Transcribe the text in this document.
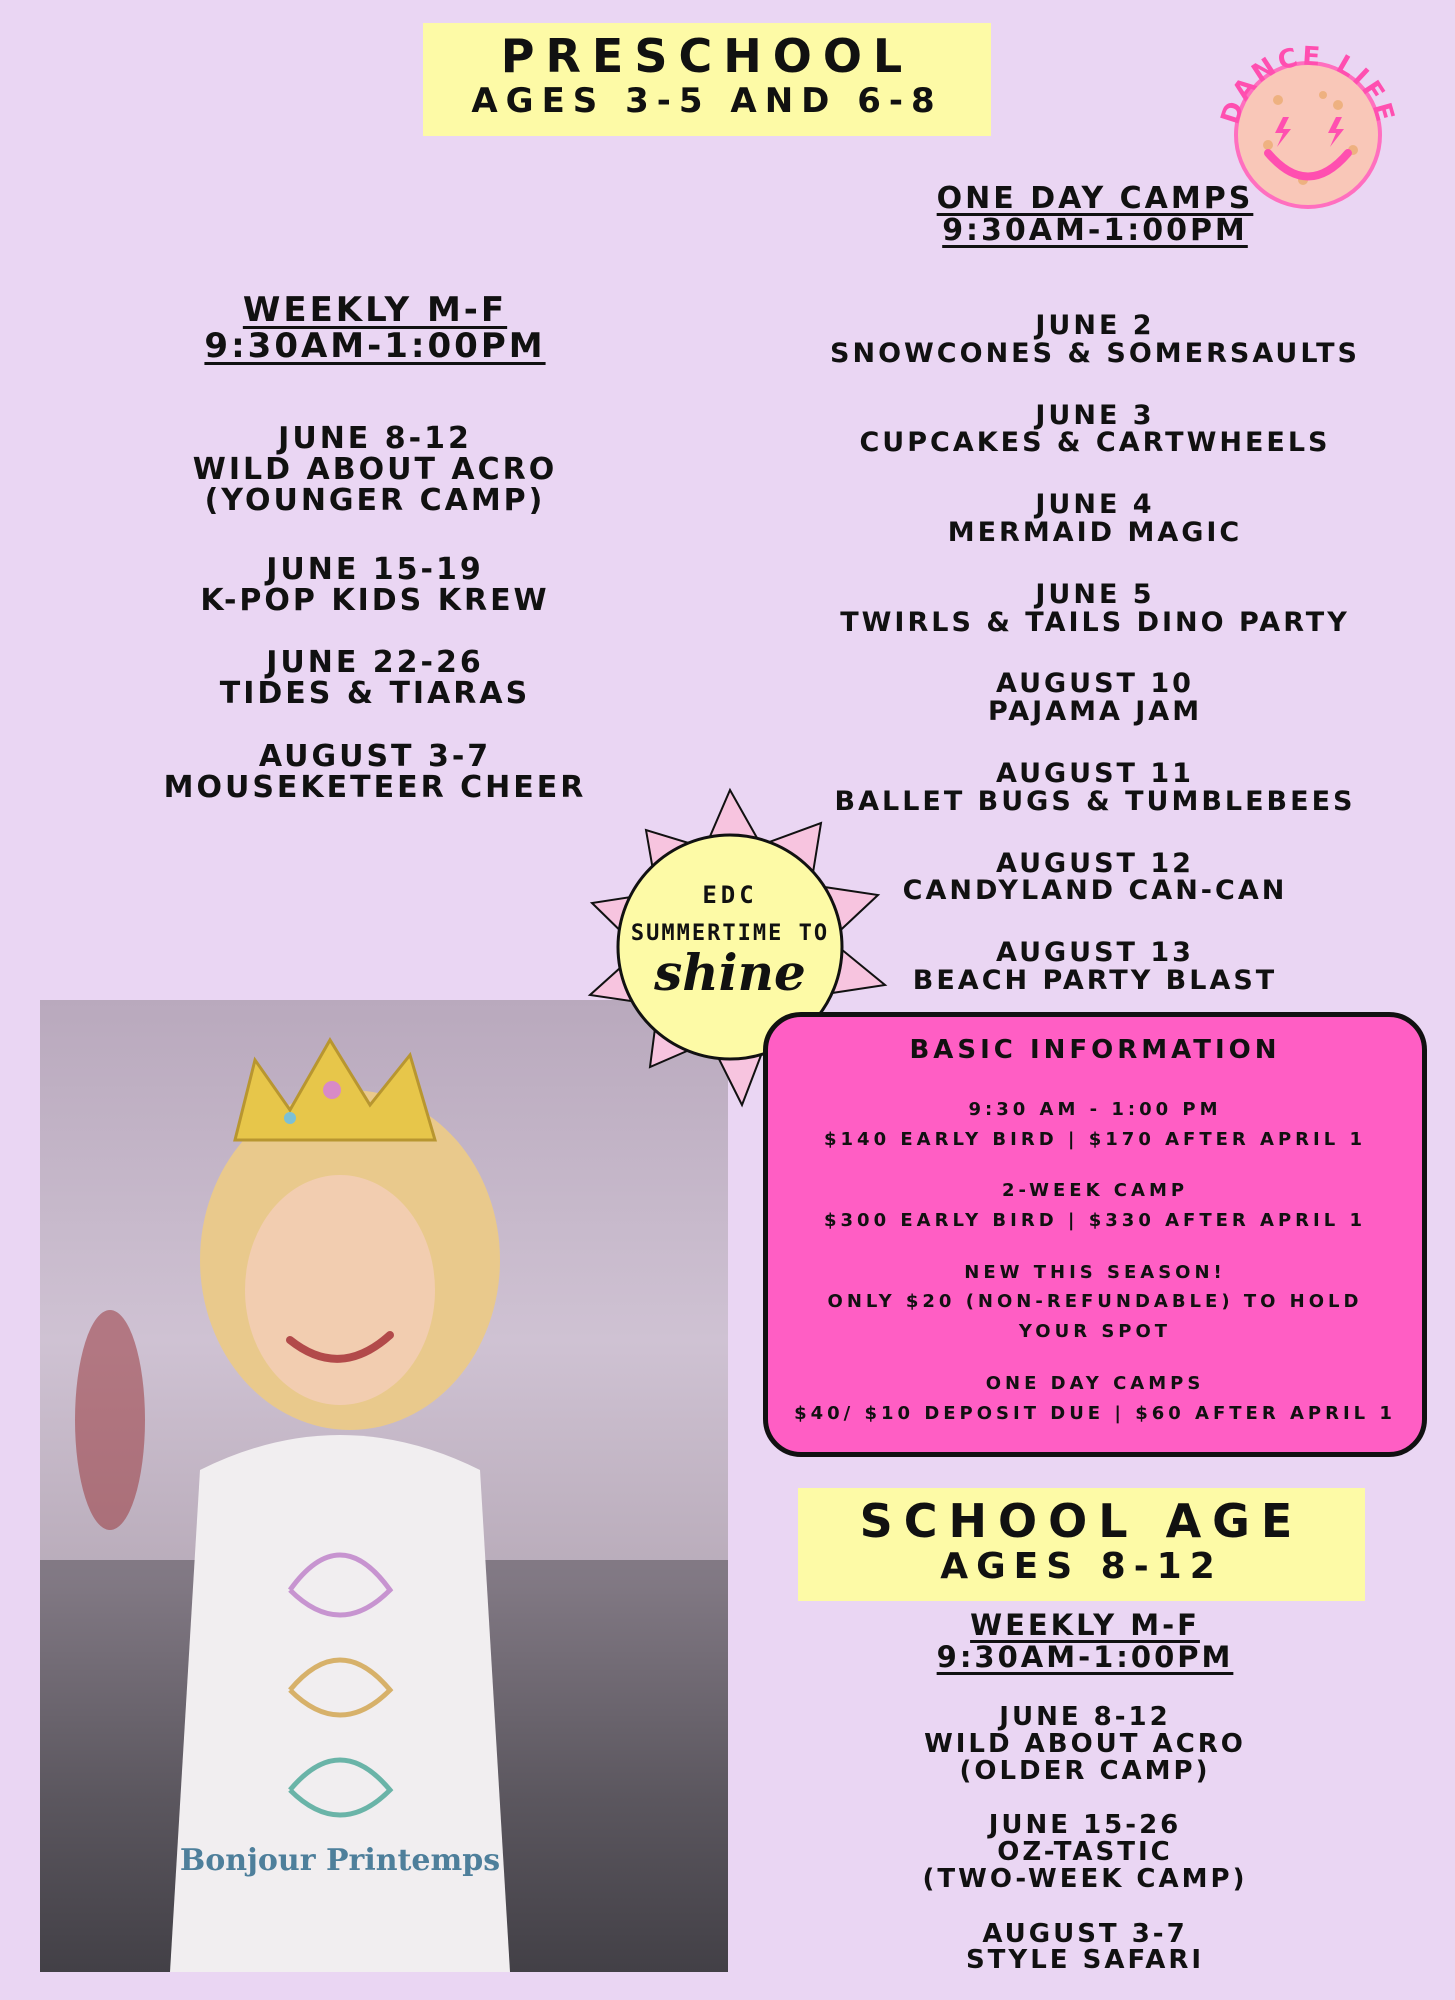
PRESCHOOL
AGES 3-5 AND 6-8	DANCE LIFE
ONE DAY CAMPS
9:30AM-1:00PM
WEEKLY M-F
9:30AM-1:00PM
JUNE 8-12
WILD ABOUT ACRO
(YOUNGER CAMP)
JUNE 15-19
K-POP KIDS KREW
JUNE 22-26
TIDES & TIARAS
AUGUST 3-7
MOUSEKETEER CHEER
JUNE 2
SNOWCONES & SOMERSAULTS
JUNE 3
CUPCAKES & CARTWHEELS
JUNE 4
MERMAID MAGIC
JUNE 5
TWIRLS & TAILS DINO PARTY
AUGUST 10
PAJAMA JAM
AUGUST 11
BALLET BUGS & TUMBLEBEES
AUGUST 12
CANDYLAND CAN-CAN
AUGUST 13
BEACH PARTY BLAST
Bonjour Printemps
EDC
SUMMERTIME TO
shine
BASIC INFORMATION
9:30 AM - 1:00 PM
$140 EARLY BIRD | $170 AFTER APRIL 1
2-WEEK CAMP
$300 EARLY BIRD | $330 AFTER APRIL 1
NEW THIS SEASON!
ONLY $20 (NON-REFUNDABLE) TO HOLD YOUR SPOT
ONE DAY CAMPS
$40/ $10 DEPOSIT DUE | $60 AFTER APRIL 1
SCHOOL AGE
AGES 8-12
WEEKLY M-F
9:30AM-1:00PM
JUNE 8-12
WILD ABOUT ACRO
(OLDER CAMP)
JUNE 15-26
OZ-TASTIC
(TWO-WEEK CAMP)
AUGUST 3-7
STYLE SAFARI
